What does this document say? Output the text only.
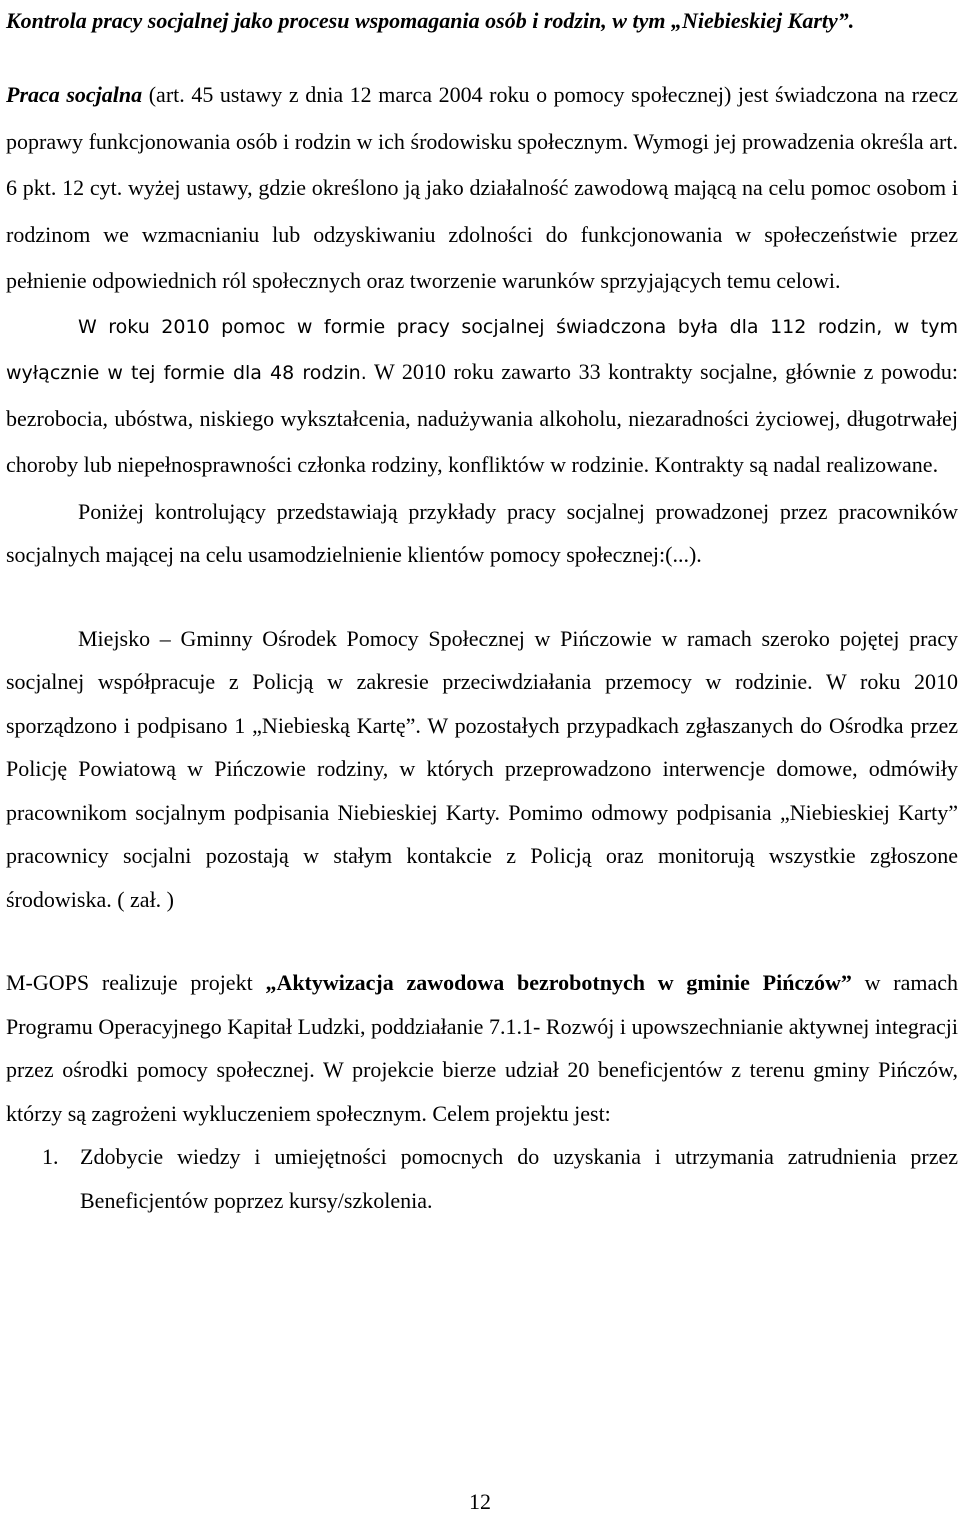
Kontrola pracy socjalnej jako procesu wspomagania osób i rodzin, w tym „Niebieskiej Karty”.

Praca socjalna (art. 45 ustawy z dnia 12 marca 2004 roku o pomocy społecznej) jest świadczona na rzecz poprawy funkcjonowania osób i rodzin w ich środowisku społecznym. Wymogi jej prowadzenia określa art. 6 pkt. 12 cyt. wyżej ustawy, gdzie określono ją jako działalność zawodową mającą na celu pomoc osobom i rodzinom we wzmacnianiu lub odzyskiwaniu zdolności do funkcjonowania w społeczeństwie przez pełnienie odpowiednich ról społecznych oraz tworzenie warunków sprzyjających temu celowi.

W roku 2010 pomoc w formie pracy socjalnej świadczona była dla 112 rodzin, w tym wyłącznie w tej formie dla 48 rodzin. W 2010 roku zawarto 33 kontrakty socjalne, głównie z powodu: bezrobocia, ubóstwa, niskiego wykształcenia, nadużywania alkoholu, niezaradności życiowej, długotrwałej choroby lub niepełnosprawności członka rodziny, konfliktów w rodzinie. Kontrakty są nadal realizowane.

Poniżej kontrolujący przedstawiają przykłady pracy socjalnej prowadzonej przez pracowników socjalnych mającej na celu usamodzielnienie klientów pomocy społecznej:(...).

Miejsko – Gminny Ośrodek Pomocy Społecznej w Pińczowie w ramach szeroko pojętej pracy socjalnej współpracuje z Policją w zakresie przeciwdziałania przemocy w rodzinie. W roku 2010 sporządzono i podpisano 1 „Niebieską Kartę”. W pozostałych przypadkach zgłaszanych do Ośrodka przez Policję Powiatową w Pińczowie rodziny, w których przeprowadzono interwencje domowe, odmówiły pracownikom socjalnym podpisania Niebieskiej Karty. Pomimo odmowy podpisania „Niebieskiej Karty” pracownicy socjalni pozostają w stałym kontakcie z Policją oraz monitorują wszystkie zgłoszone środowiska. ( zał. )

M-GOPS realizuje projekt „Aktywizacja zawodowa bezrobotnych w gminie Pińczów” w ramach Programu Operacyjnego Kapitał Ludzki, poddziałanie 7.1.1- Rozwój i upowszechnianie aktywnej integracji przez ośrodki pomocy społecznej. W projekcie bierze udział 20 beneficjentów z terenu gminy Pińczów, którzy są zagrożeni wykluczeniem społecznym. Celem projektu jest:

1. Zdobycie wiedzy i umiejętności pomocnych do uzyskania i utrzymania zatrudnienia przez Beneficjentów poprzez kursy/szkolenia.
12
